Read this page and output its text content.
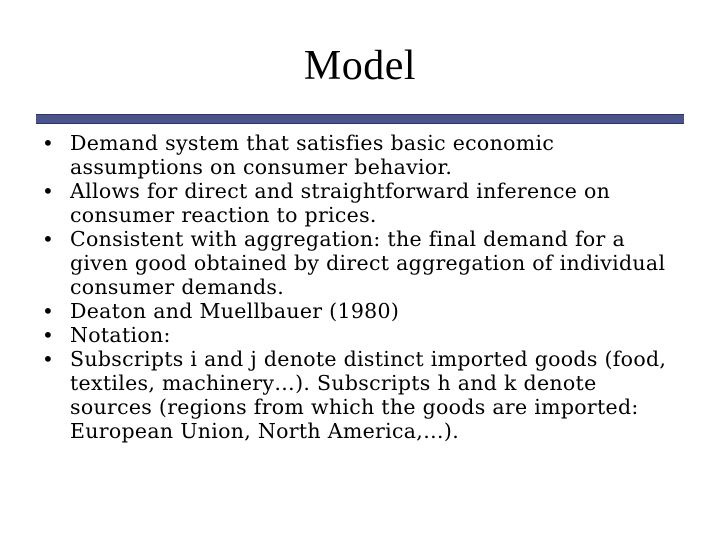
Model
• Demand system that satisfies basic economic assumptions on consumer behavior.
• Allows for direct and straightforward inference on consumer reaction to prices.
• Consistent with aggregation: the final demand for a given good obtained by direct aggregation of individual consumer demands.
• Deaton and Muellbauer (1980)
• Notation:
• Subscripts i and j denote distinct imported goods (food, textiles, machinery…). Subscripts h and k denote sources (regions from which the goods are imported: European Union, North America,…).
